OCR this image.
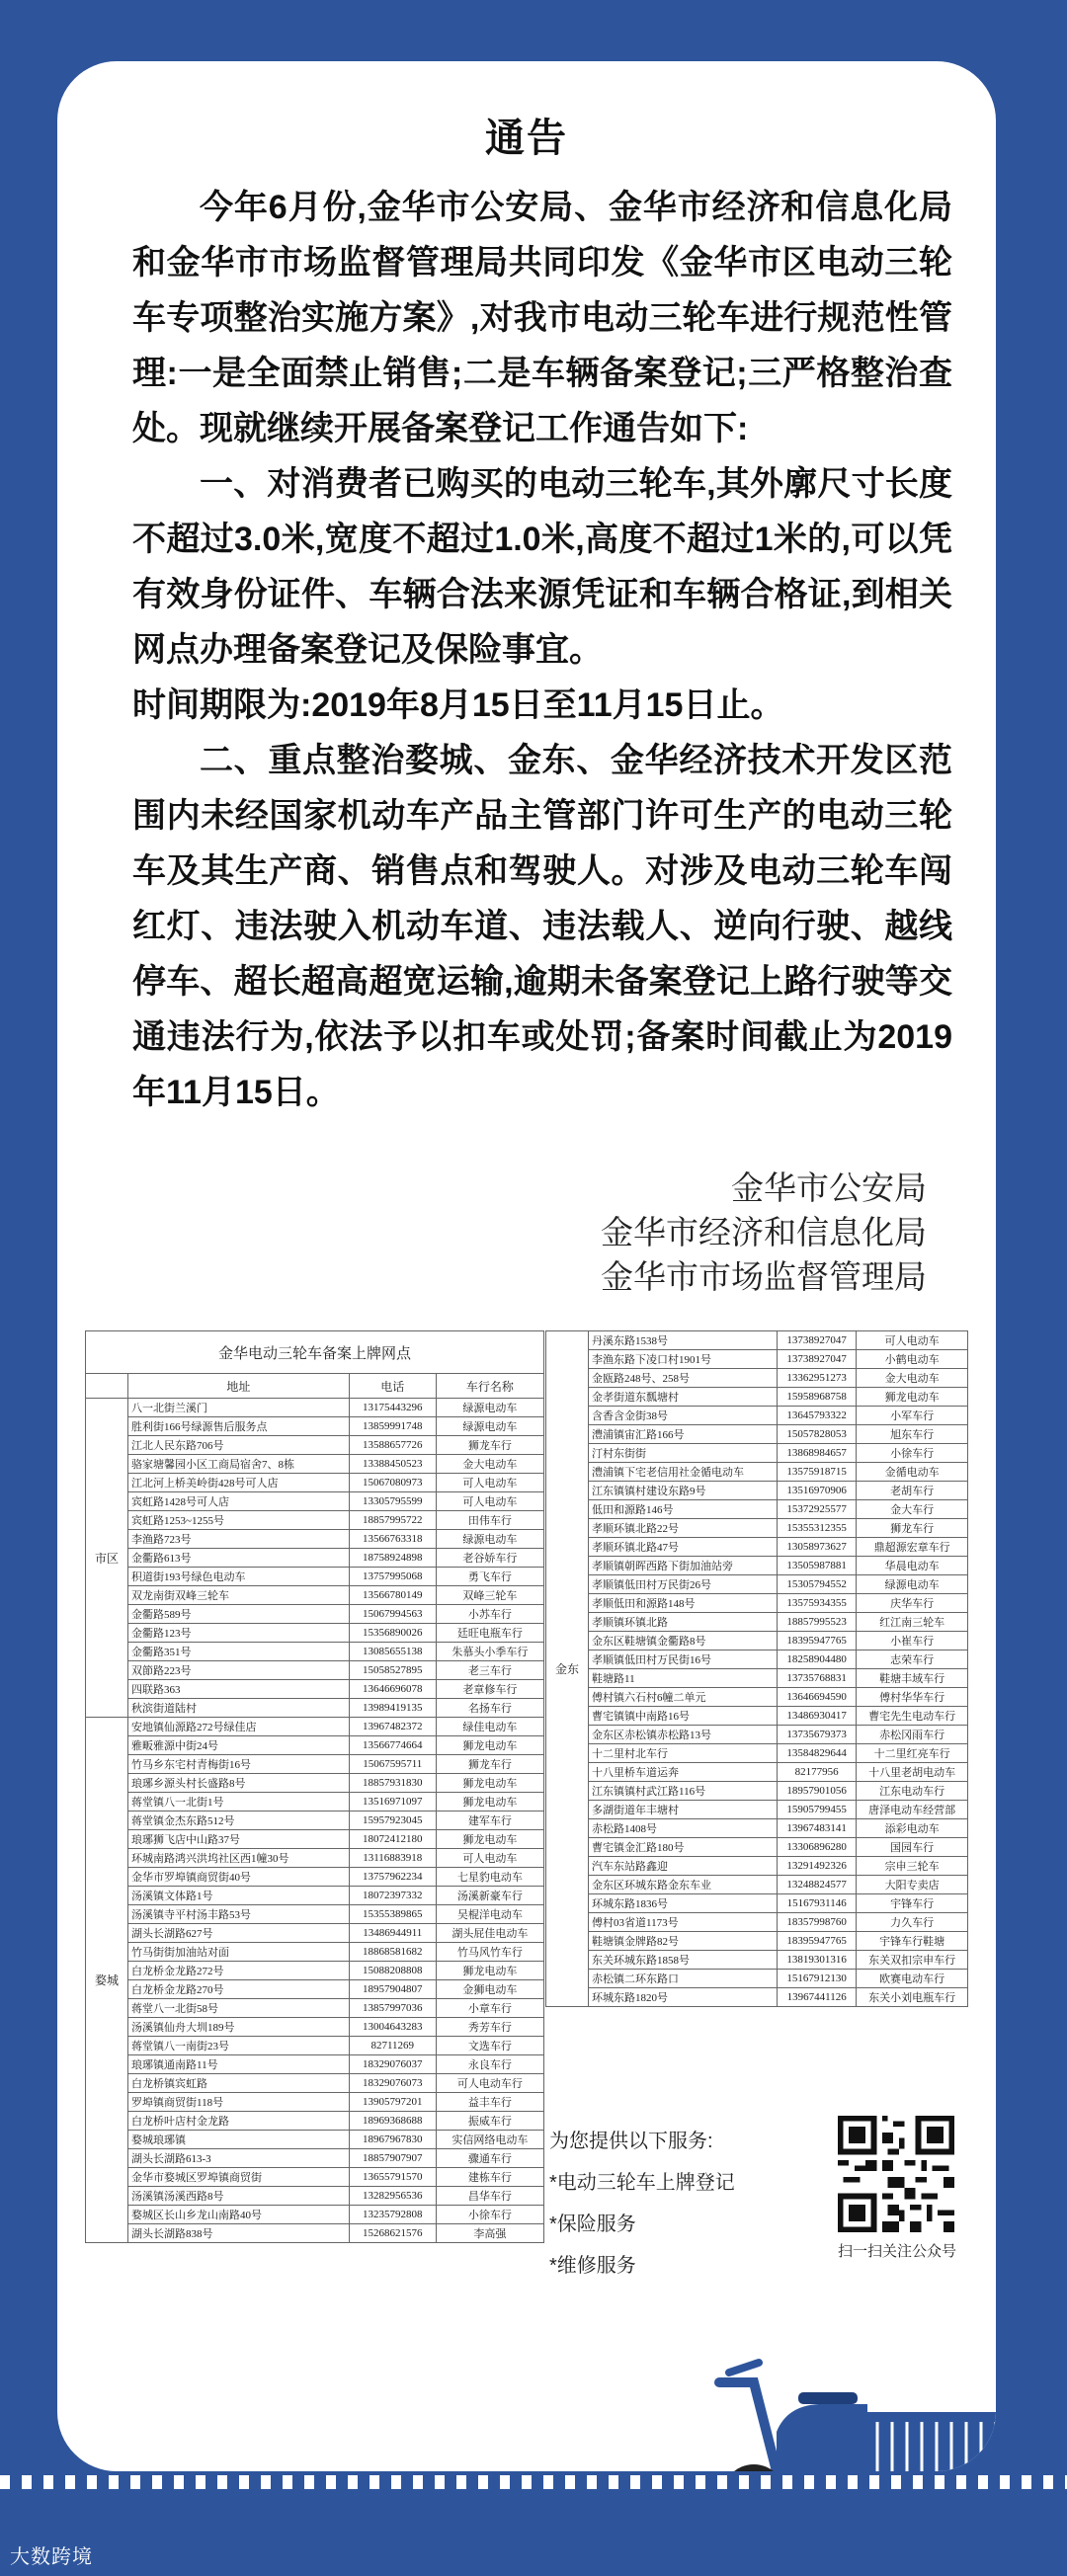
通告

今年6月份,金华市公安局、金华市经济和信息化局和金华市市场监督管理局共同印发《金华市区电动三轮车专项整治实施方案》,对我市电动三轮车进行规范性管理:一是全面禁止销售;二是车辆备案登记;三严格整治查处。现就继续开展备案登记工作通告如下:

一、对消费者已购买的电动三轮车,其外廓尺寸长度不超过3.0米,宽度不超过1.0米,高度不超过1米的,可以凭有效身份证件、车辆合法来源凭证和车辆合格证,到相关网点办理备案登记及保险事宜。

时间期限为:2019年8月15日至11月15日止。

二、重点整治婺城、金东、金华经济技术开发区范围内未经国家机动车产品主管部门许可生产的电动三轮车及其生产商、销售点和驾驶人。对涉及电动三轮车闯红灯、违法驶入机动车道、违法载人、逆向行驶、越线停车、超长超高超宽运输,逾期未备案登记上路行驶等交通违法行为,依法予以扣车或处罚;备案时间截止为2019年11月15日。

金华市公安局
金华市经济和信息化局
金华市市场监督管理局
金华电动三轮车备案上牌网点			
	地址	电话	车行名称
市区	八一北街兰溪门	13175443296	绿源电动车
	胜利街166号绿源售后服务点	13859991748	绿源电动车
	江北人民东路706号	13588657726	狮龙车行
	骆家塘馨园小区工商局宿舍7、8栋	13388450523	金大电动车
	江北河上桥美岭街428号可人店	15067080973	可人电动车
	宾虹路1428号可人店	13305795599	可人电动车
	宾虹路1253~1255号	18857995722	田伟车行
	李渔路723号	13566763318	绿源电动车
	金衢路613号	18758924898	老谷娇车行
	积道街193号绿色电动车	13757995068	勇飞车行
	双龙南街双峰三轮车	13566780149	双峰三轮车
	金衢路589号	15067994563	小苏车行
	金衢路123号	15356890026	廷旺电瓶车行
	金衢路351号	13085655138	朱慕头小季车行
	双節路223号	15058527895	老三车行
	四联路363	13646696078	老章修车行
	秋滨街道陆村	13989419135	名扬车行
婺城	安地镇仙源路272号绿佳店	13967482372	绿佳电动车
	雅畈雅源中街24号	13566774664	狮龙电动车
	竹马乡东宅村青梅街16号	15067595711	狮龙车行
	琅琊乡源头村长盛路8号	18857931830	狮龙电动车
	蒋堂镇八一北街1号	13516971097	狮龙电动车
	蒋堂镇金杰东路512号	15957923045	建军车行
	琅琊狮飞店中山路37号	18072412180	狮龙电动车
	环城南路鸿兴洪坞社区西1幢30号	13116883918	可人电动车
	金华市罗埠镇商贸街40号	13757962234	七星豹电动车
	汤溪镇文体路1号	18072397332	汤溪新豪车行
	汤溪镇寺平村汤丰路53号	15355389865	吴棍洋电动车
	湖头长湖路627号	13486944911	湖头屁佳电动车
	竹马街街加油站对面	18868581682	竹马风竹车行
	白龙桥金龙路272号	15088208808	狮龙电动车
	白龙桥金龙路270号	18957904807	金狮电动车
	蒋堂八一北街58号	13857997036	小章车行
	汤溪镇仙舟大圳189号	13004643283	秀芳车行
	蒋堂镇八一南街23号	82711269	文选车行
	琅琊镇通南路11号	18329076037	永良车行
	白龙桥镇宾虹路	18329076073	可人电动车行
	罗埠镇商贸街118号	13905797201	益丰车行
	白龙桥叶店村金龙路	18969368688	振威车行
	婺城琅琊镇	18967967830	实信网络电动车
	湖头长湖路613-3	18857907907	骤通车行
	金华市婺城区罗埠镇商贸街	13655791570	建栋车行
	汤溪镇汤溪西路8号	13282956536	昌华车行
	婺城区长山乡龙山南路40号	13235792808	小徐车行
	湖头长湖路838号	15268621576	李高强
金东	丹溪东路1538号	13738927047	可人电动车
	李渔东路下凌口村1901号	13738927047	小鹤电动车
	金瓯路248号、258号	13362951273	金大电动车
	金孝街道东瓢塘村	15958968758	狮龙电动车
	含香含金街38号	13645793322	小军车行
	澧浦镇宙汇路166号	15057828053	旭东车行
	汀村东街街	13868984657	小徐车行
	澧浦镇下宅老信用社金循电动车	13575918715	金循电动车
	江东镇镇村建设东路9号	13516970906	老胡车行
	低田和源路146号	15372925577	金大车行
	孝顺环镇北路22号	15355312355	狮龙车行
	孝顺环镇北路47号	13058973627	鼎超源宏章车行
	孝顺镇朝晖西路下街加油站旁	13505987881	华晨电动车
	孝顺镇低田村万民街26号	15305794552	绿源电动车
	孝顺低田和源路148号	13575934355	庆华车行
	孝顺镇环镇北路	18857995523	红江南三轮车
	金东区鞋塘镇金衢路8号	18395947765	小崔车行
	孝顺镇低田村万民街16号	18258904480	志荣车行
	鞋塘路11	13735768831	鞋塘丰域车行
	傅村镇六石村6幢二单元	13646694590	傅村华华车行
	曹宅镇镇中南路16号	13486930417	曹宅先生电动车行
	金东区赤松镇赤松路13号	13735679373	赤松冈雨车行
	十二里村北车行	13584829644	十二里红亮车行
	十八里桥车道运奔	82177956	十八里老胡电动车
	江东镇镇村武江路116号	18957901056	江东电动车行
	多湖街道年丰塘村	15905799455	唐泽电动车经营部
	赤松路1408号	13967483141	添彩电动车
	曹宅镇金汇路180号	13306896280	国园车行
	汽车东站路鑫迎	13291492326	宗申三轮车
	金东区环城东路金东车业	13248824577	大阳专卖店
	环城东路1836号	15167931146	宇锋车行
	傅村03省道1173号	18357998760	力久车行
	鞋塘镇金牌路82号	18395947765	宇锋车行鞋塘
	东关环城东路1858号	13819301316	东关双扣宗申车行
	赤松镇二环东路口	15167912130	欧赛电动车行
	环城东路1820号	13967441126	东关小刘电瓶车行
为您提供以下服务:
*电动三轮车上牌登记
*保险服务
*维修服务
扫一扫关注公众号
大数跨境
